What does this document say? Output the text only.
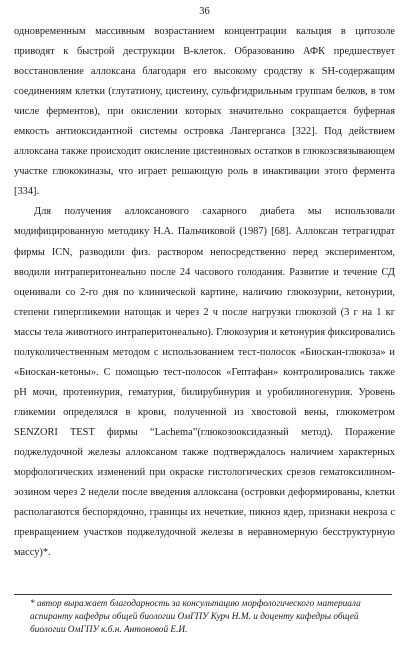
36

одновременным массивным возрастанием концентрации кальция в цитозоле приводят к быстрой деструкции В-клеток. Образованию АФК предшествует восстановление аллоксана благодаря его высокому сродству к SH-содержащим соединениям клетки (глутатиону, цистеину, сульфгидрильным группам белков, в том числе ферментов), при окислении которых значительно сокращается буферная емкость антиоксидантной системы островка Лангерганса [322]. Под действием аллоксана также происходит окисление цистеиновых остатков в глюкозсвязывающем участке глюкокиназы, что играет решающую роль в инактивации этого фермента [334].

Для получения аллоксанового сахарного диабета мы использовали модифицированную методику Н.А. Пальчиковой (1987) [68]. Аллоксан тетрагидрат фирмы ICN, разводили физ. раствором непосредственно перед экспериментом, вводили интраперитонеально после 24 часового голодания. Развитие и течение СД оценивали со 2-го дня по клинической картине, наличию глюкозурии, кетонурии, степени гипергликемии натощак и через 2 ч после нагрузки глюкозой (3 г на 1 кг массы тела животного интраперитонеально). Глюкозурия и кетонурия фиксировались полуколичественным методом с использованием тест-полосок «Биоскан-глюкоза» и «Биоскан-кетоны». С помощью тест-полосок «Гептафан» контролировались также рН мочи, протеинурия, гематурия, билирубинурия и уробилиногенурия. Уровень гликемии определялся в крови, полученной из хвостовой вены, глюкометром SENZORI TEST фирмы “Lachema”(глюкозооксидазный метод). Поражение поджелудочной железы аллоксаном также подтверждалось наличием характерных морфологических изменений при окраске гистологических срезов гематоксилином-эозином через 2 недели после введения аллоксана (островки деформированы, клетки располагаются беспорядочно, границы их нечеткие, пикноз ядер, признаки некроза с превращением участков поджелудочной железы в неравномерную бесструктурную массу)*.

* автор выражает благодарность за консультацию морфологического материала аспиранту кафедры общей биологии ОмГПУ Курч Н.М. и доценту кафедры общей биологии ОмГПУ к.б.н. Антоновой Е.И.
